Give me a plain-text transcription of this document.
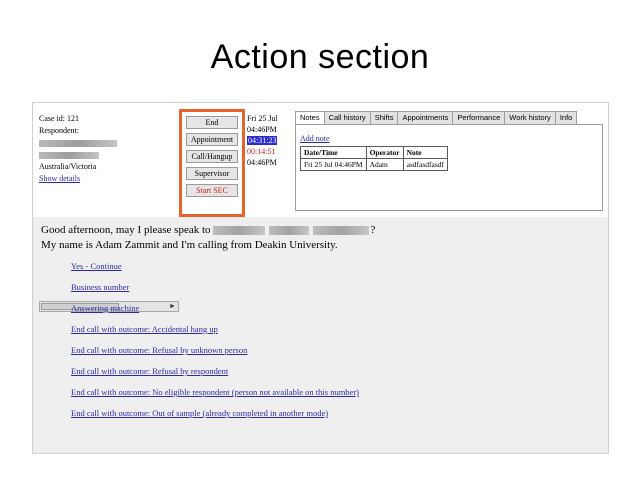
Action section
Case id: 121
Respondent:

Australia/Victoria
Show details
End
Appointment
Call/Hangup
Supervisor
Start SEC
Fri 25 Jul
04:46PM
04:31:23
00:14:51
04:46PM
►
Notes Call history Shifts Appointments Performance Work history Info
Add note
Date/Time	Operator	Note
Fri 25 Jul 04:46PM	Adam	asdfasdfasdf
Good afternoon, may I please speak to	?
My name is Adam Zammit and I'm calling from Deakin University.
Yes - Continue
Business number
Answering machine
End call with outcome: Accidental hang up
End call with outcome: Refusal by unknown person
End call with outcome: Refusal by respondent
End call with outcome: No eligible respondent (person not available on this number)
End call with outcome: Out of sample (already completed in another mode)
